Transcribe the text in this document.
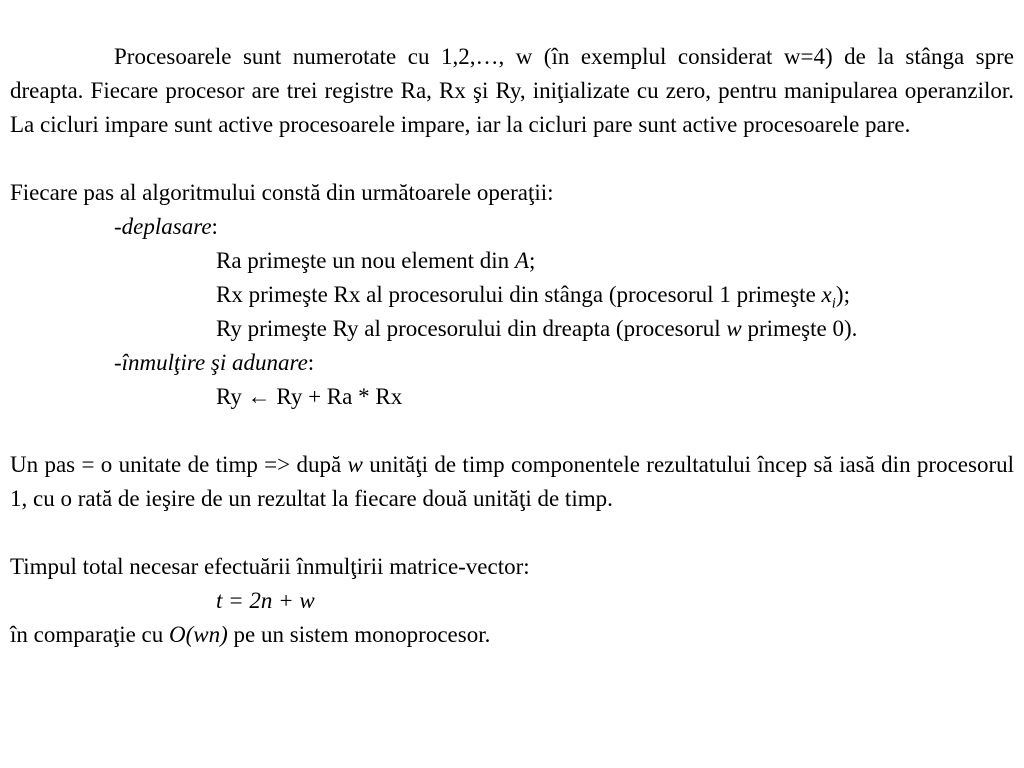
Procesoarele sunt numerotate cu 1,2,…, w (în exemplul considerat w=4) de la stânga spre dreapta. Fiecare procesor are trei registre Ra, Rx şi Ry, iniţializate cu zero, pentru manipularea operanzilor. La cicluri impare sunt active procesoarele impare, iar la cicluri pare sunt active procesoarele pare.

Fiecare pas al algoritmului constă din următoarele operaţii:

-deplasare:

Ra primeşte un nou element din A;

Rx primeşte Rx al procesorului din stânga (procesorul 1 primeşte $x_i$);

Ry primeşte Ry al procesorului din dreapta (procesorul w primeşte 0).

-înmulţire şi adunare:

Ry ← Ry + Ra * Rx

Un pas = o unitate de timp => după w unităţi de timp componentele rezultatului încep să iasă din procesorul 1, cu o rată de ieşire de un rezultat la fiecare două unităţi de timp.

Timpul total necesar efectuării înmulţirii matrice-vector:

t = 2n + w

în comparaţie cu O(wn) pe un sistem monoprocesor.
